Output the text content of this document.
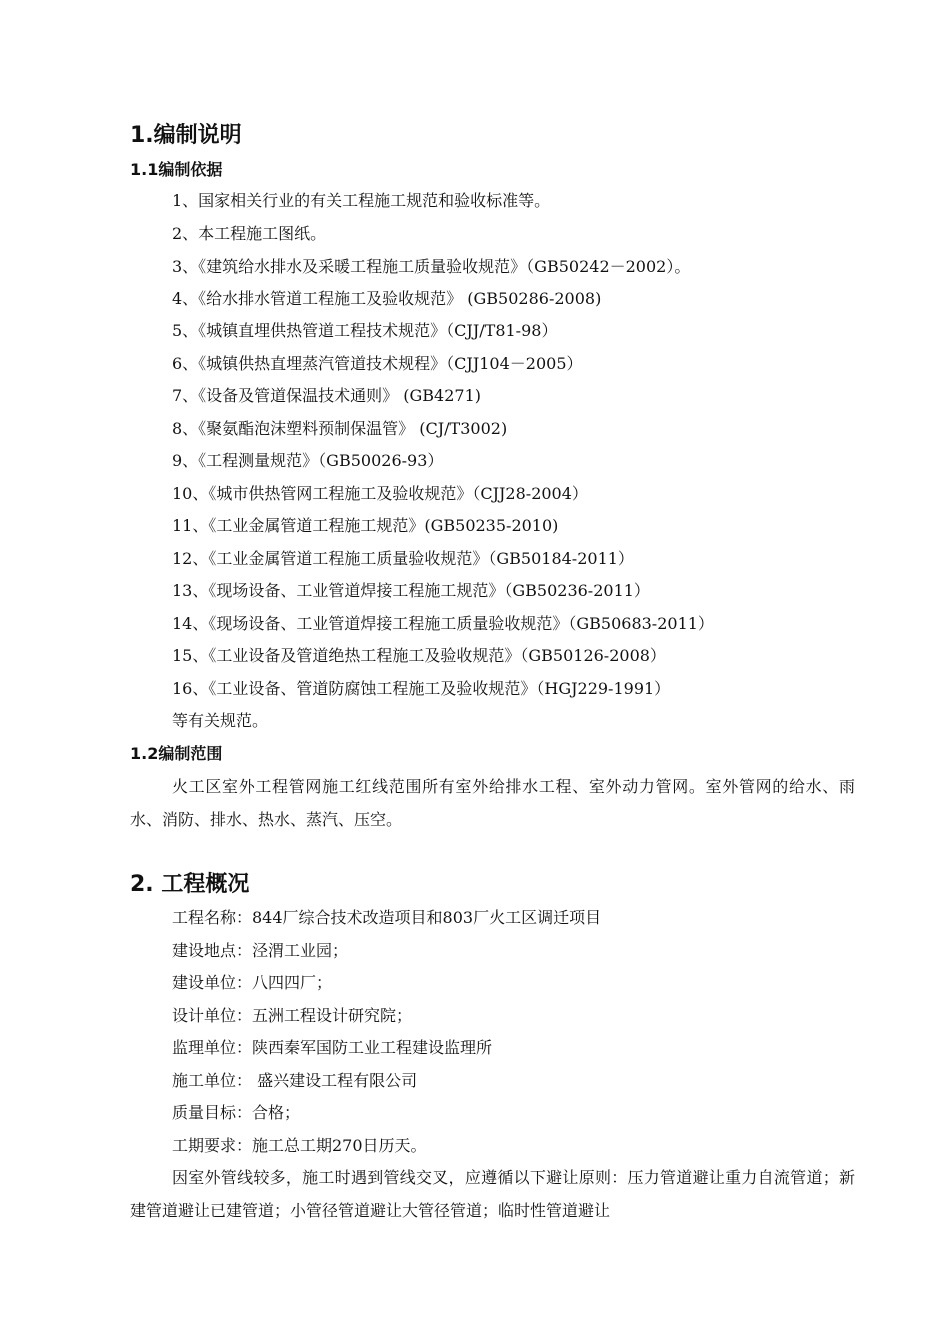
1.编制说明
1.1编制依据
1、国家相关行业的有关工程施工规范和验收标准等。
2、本工程施工图纸。
3、《建筑给水排水及采暖工程施工质量验收规范》（GB50242－2002）。
4、《给水排水管道工程施工及验收规范》 (GB50286-2008)
5、《城镇直埋供热管道工程技术规范》（CJJ/T81-98）
6、《城镇供热直埋蒸汽管道技术规程》（CJJ104－2005）
7、《设备及管道保温技术通则》 (GB4271)
8、《聚氨酯泡沫塑料预制保温管》 (CJ/T3002)
9、《工程测量规范》（GB50026-93）
10、《城市供热管网工程施工及验收规范》（CJJ28-2004）
11、《工业金属管道工程施工规范》(GB50235-2010)
12、《工业金属管道工程施工质量验收规范》（GB50184-2011）
13、《现场设备、工业管道焊接工程施工规范》（GB50236-2011）
14、《现场设备、工业管道焊接工程施工质量验收规范》（GB50683-2011）
15、《工业设备及管道绝热工程施工及验收规范》（GB50126-2008）
16、《工业设备、管道防腐蚀工程施工及验收规范》（HGJ229-1991）
等有关规范。
1.2编制范围
火工区室外工程管网施工红线范围所有室外给排水工程、室外动力管网。室外管网的给水、雨水、消防、排水、热水、蒸汽、压空。
2. 工程概况
工程名称：844厂综合技术改造项目和803厂火工区调迁项目
建设地点：泾渭工业园；
建设单位：八四四厂；
设计单位：五洲工程设计研究院；
监理单位：陕西秦军国防工业工程建设监理所
施工单位： 盛兴建设工程有限公司
质量目标：合格；
工期要求：施工总工期270日历天。
因室外管线较多，施工时遇到管线交叉，应遵循以下避让原则：压力管道避让重力自流管道；新建管道避让已建管道；小管径管道避让大管径管道；临时性管道避让
